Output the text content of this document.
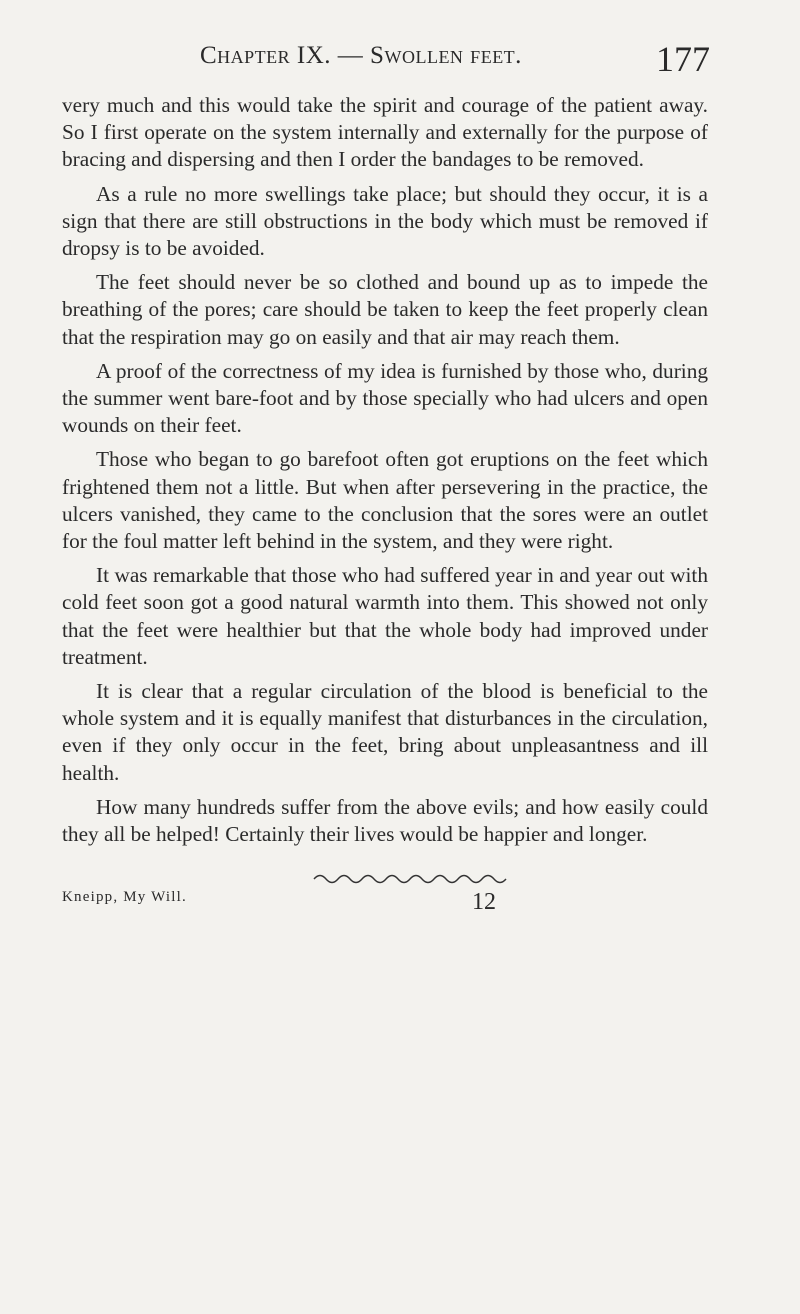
Chapter IX. — Swollen feet.	177

very much and this would take the spirit and courage of the patient away. So I first operate on the system internally and externally for the purpose of bracing and dispersing and then I order the bandages to be removed.

As a rule no more swellings take place; but should they occur, it is a sign that there are still obstructions in the body which must be removed if dropsy is to be avoided.

The feet should never be so clothed and bound up as to impede the breathing of the pores; care should be taken to keep the feet properly clean that the respiration may go on easily and that air may reach them.

A proof of the correctness of my idea is furnished by those who, during the summer went bare-foot and by those specially who had ulcers and open wounds on their feet.

Those who began to go barefoot often got eruptions on the feet which frightened them not a little. But when after persevering in the practice, the ulcers vanished, they came to the conclusion that the sores were an outlet for the foul matter left behind in the system, and they were right.

It was remarkable that those who had suffered year in and year out with cold feet soon got a good natural warmth into them. This showed not only that the feet were healthier but that the whole body had improved under treatment.

It is clear that a regular circulation of the blood is beneficial to the whole system and it is equally manifest that disturbances in the circulation, even if they only occur in the feet, bring about unpleasantness and ill health.

How many hundreds suffer from the above evils; and how easily could they all be helped! Certainly their lives would be happier and longer.

Kneipp, My Will.	12
